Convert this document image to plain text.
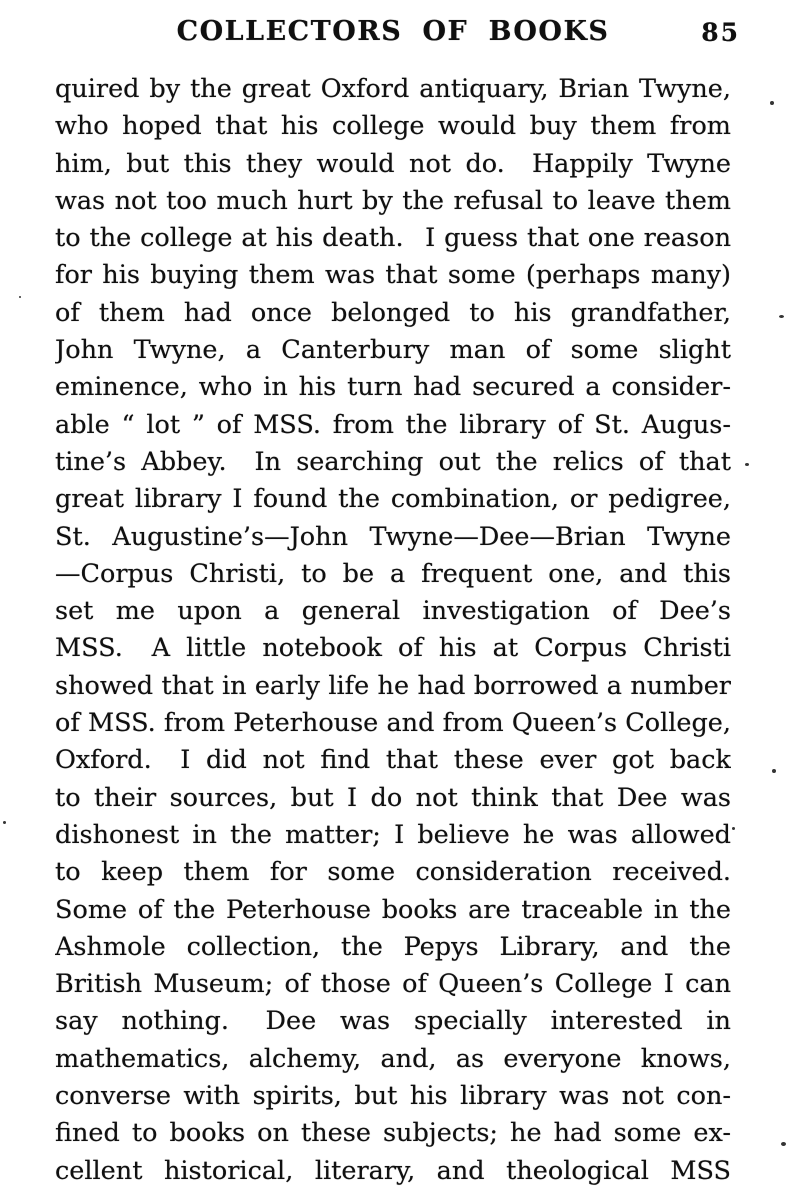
COLLECTORS OF BOOKS	85
quired by the great Oxford antiquary, Brian Twyne,
who hoped that his college would buy them from
him, but this they would not do.  Happily Twyne
was not too much hurt by the refusal to leave them
to the college at his death.  I guess that one reason
for his buying them was that some (perhaps many)
of them had once belonged to his grandfather,
John Twyne, a Canterbury man of some slight
eminence, who in his turn had secured a consider-
able “ lot ” of MSS. from the library of St. Augus-
tine’s Abbey.  In searching out the relics of that
great library I found the combination, or pedigree,
St. Augustine’s—John Twyne—Dee—Brian Twyne
—Corpus Christi, to be a frequent one, and this
set me upon a general investigation of Dee’s
MSS.  A little notebook of his at Corpus Christi
showed that in early life he had borrowed a number
of MSS. from Peterhouse and from Queen’s College,
Oxford.  I did not find that these ever got back
to their sources, but I do not think that Dee was
dishonest in the matter; I believe he was allowed
to keep them for some consideration received.
Some of the Peterhouse books are traceable in the
Ashmole collection, the Pepys Library, and the
British Museum; of those of Queen’s College I can
say nothing.  Dee was specially interested in
mathematics, alchemy, and, as everyone knows,
converse with spirits, but his library was not con-
fined to books on these subjects; he had some ex-
cellent historical, literary, and theological MSS
